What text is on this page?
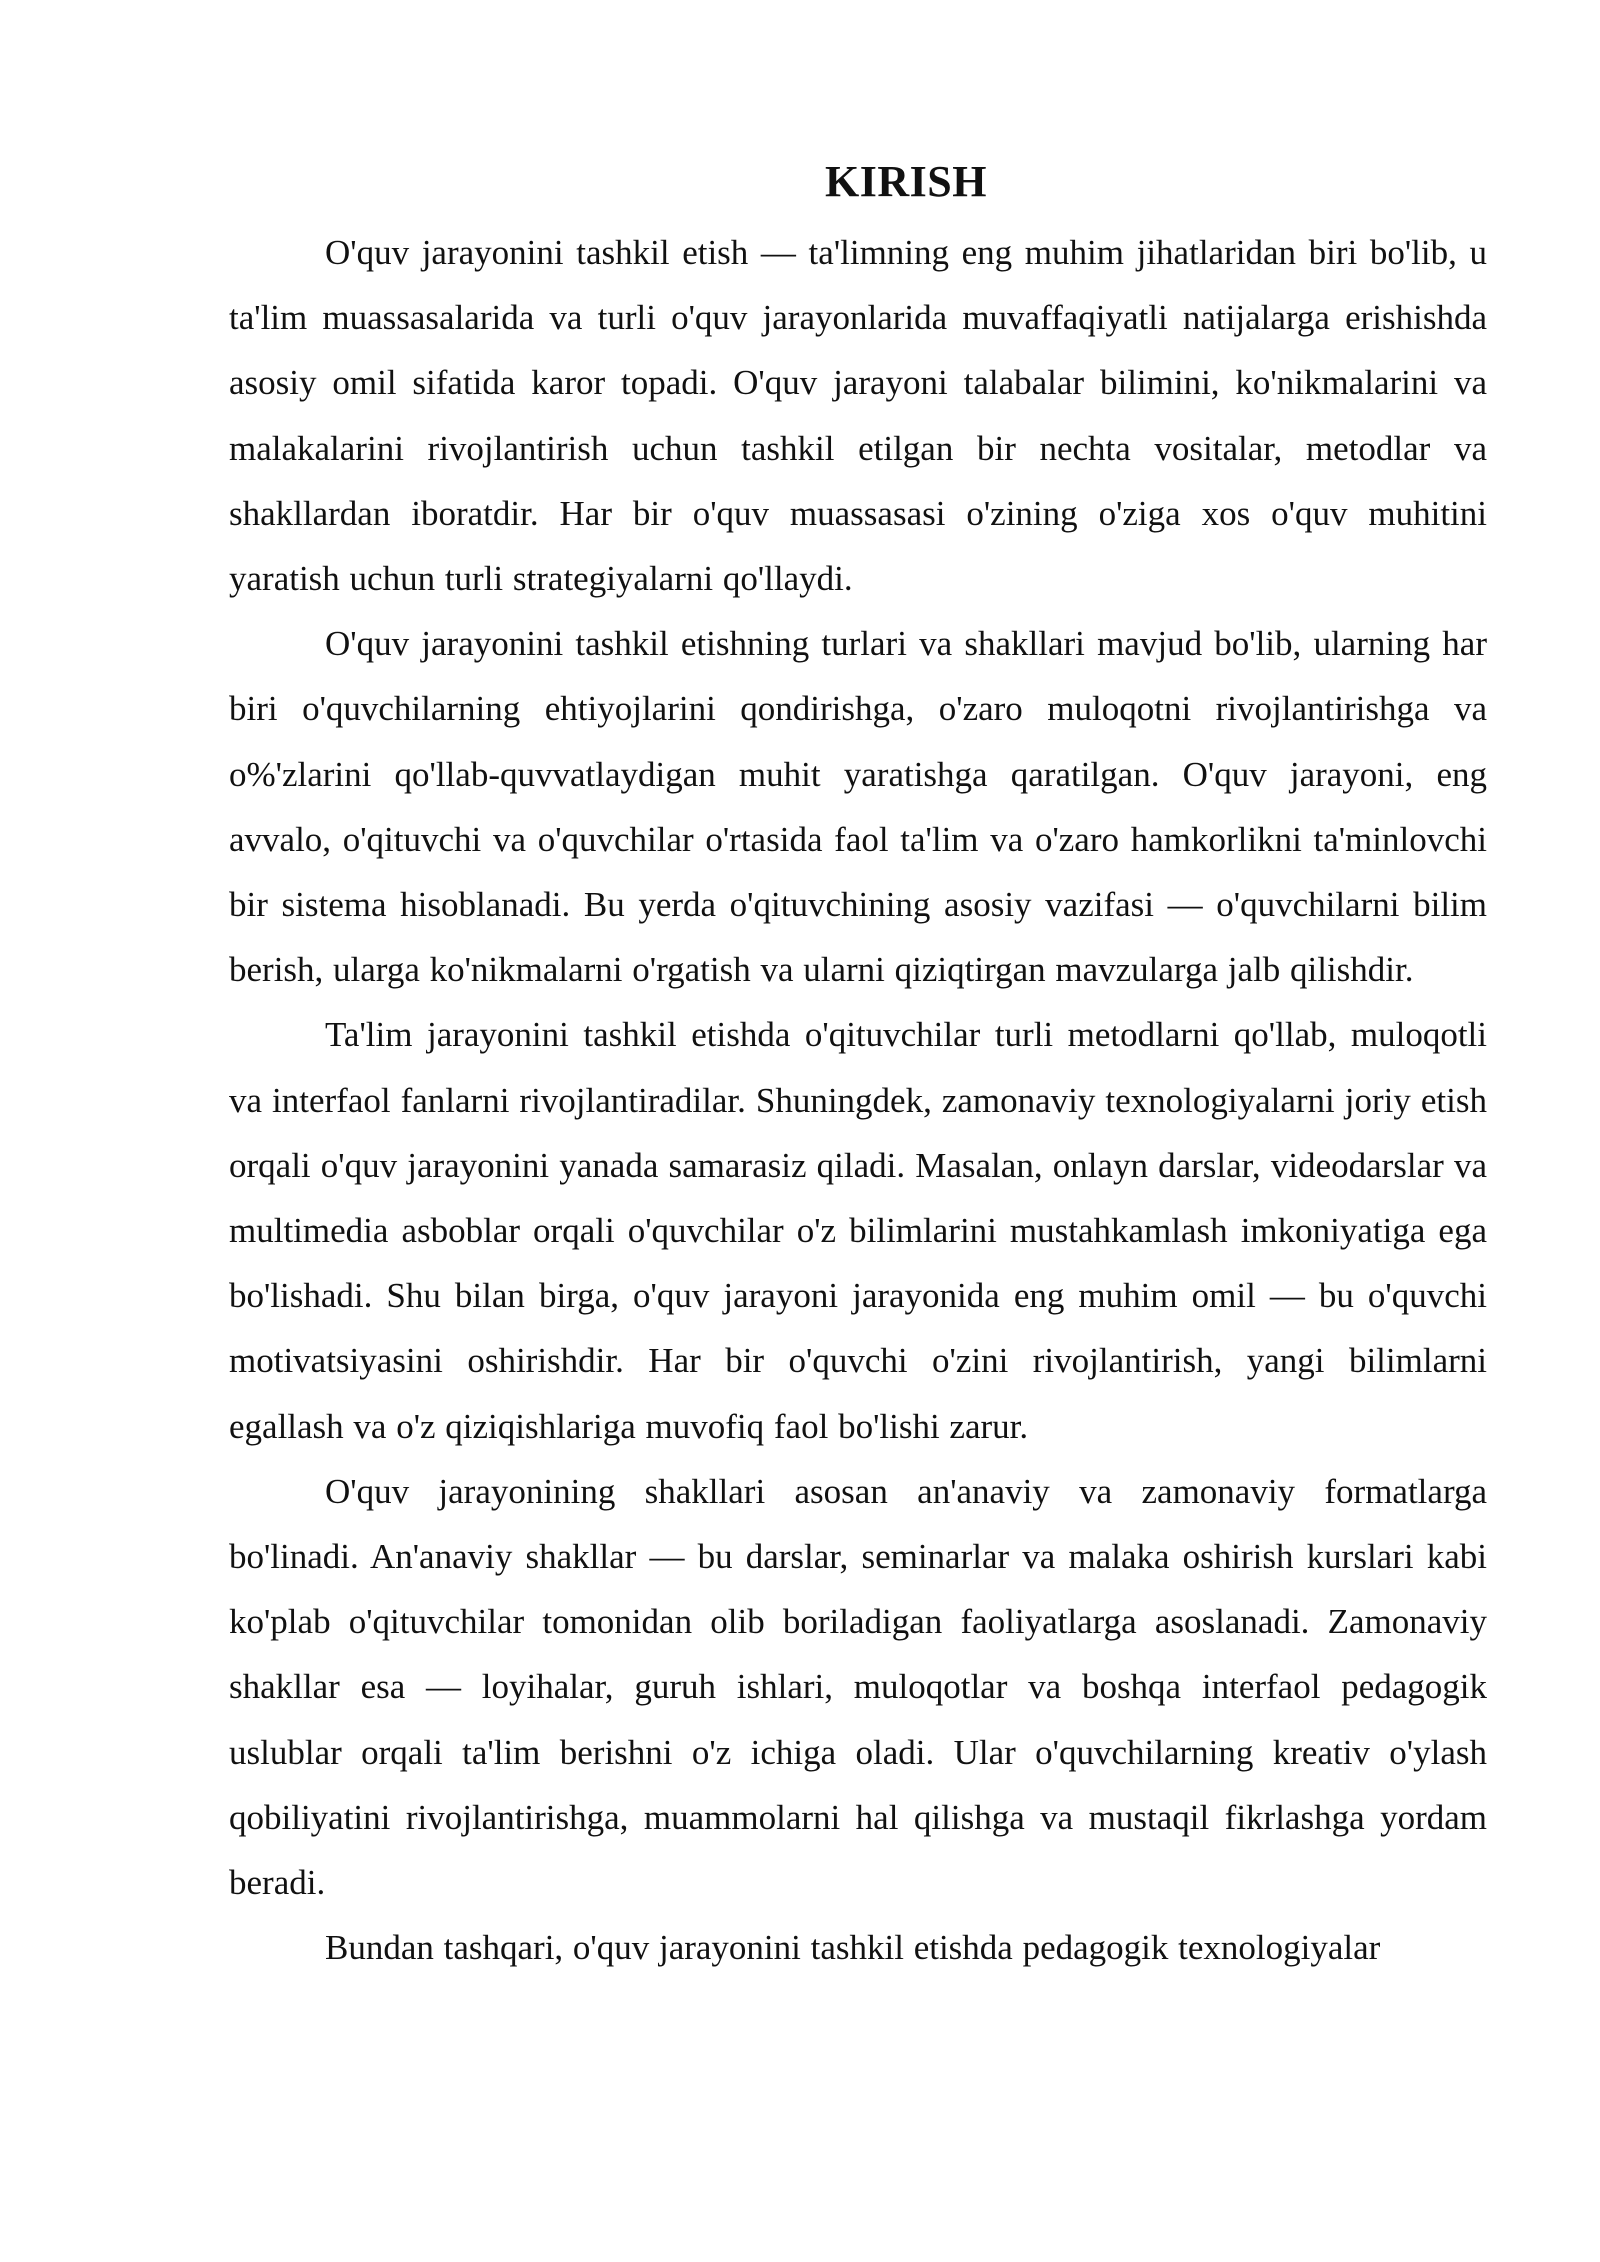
KIRISH

O'quv jarayonini tashkil etish — ta'limning eng muhim jihatlaridan biri bo'lib, u ta'lim muassasalarida va turli o'quv jarayonlarida muvaffaqiyatli natijalarga erishishda asosiy omil sifatida karor topadi. O'quv jarayoni talabalar bilimini, ko'nikmalarini va malakalarini rivojlantirish uchun tashkil etilgan bir nechta vositalar, metodlar va shakllardan iboratdir. Har bir o'quv muassasasi o'zining o'ziga xos o'quv muhitini yaratish uchun turli strategiyalarni qo'llaydi.

O'quv jarayonini tashkil etishning turlari va shakllari mavjud bo'lib, ularning har biri o'quvchilarning ehtiyojlarini qondirishga, o'zaro muloqotni rivojlantirishga va o%'zlarini qo'llab-quvvatlaydigan muhit yaratishga qaratilgan. O'quv jarayoni, eng avvalo, o'qituvchi va o'quvchilar o'rtasida faol ta'lim va o'zaro hamkorlikni ta'minlovchi bir sistema hisoblanadi. Bu yerda o'qituvchining asosiy vazifasi — o'quvchilarni bilim berish, ularga ko'nikmalarni o'rgatish va ularni qiziqtirgan mavzularga jalb qilishdir.

Ta'lim jarayonini tashkil etishda o'qituvchilar turli metodlarni qo'llab, muloqotli va interfaol fanlarni rivojlantiradilar. Shuningdek, zamonaviy texnologiyalarni joriy etish orqali o'quv jarayonini yanada samarasiz qiladi. Masalan, onlayn darslar, videodarslar va multimedia asboblar orqali o'quvchilar o'z bilimlarini mustahkamlash imkoniyatiga ega bo'lishadi. Shu bilan birga, o'quv jarayoni jarayonida eng muhim omil — bu o'quvchi motivatsiyasini oshirishdir. Har bir o'quvchi o'zini rivojlantirish, yangi bilimlarni egallash va o'z qiziqishlariga muvofiq faol bo'lishi zarur.

O'quv jarayonining shakllari asosan an'anaviy va zamonaviy formatlarga bo'linadi. An'anaviy shakllar — bu darslar, seminarlar va malaka oshirish kurslari kabi ko'plab o'qituvchilar tomonidan olib boriladigan faoliyatlarga asoslanadi. Zamonaviy shakllar esa — loyihalar, guruh ishlari, muloqotlar va boshqa interfaol pedagogik uslublar orqali ta'lim berishni o'z ichiga oladi. Ular o'quvchilarning kreativ o'ylash qobiliyatini rivojlantirishga, muammolarni hal qilishga va mustaqil fikrlashga yordam beradi.

Bundan tashqari, o'quv jarayonini tashkil etishda pedagogik texnologiyalar
